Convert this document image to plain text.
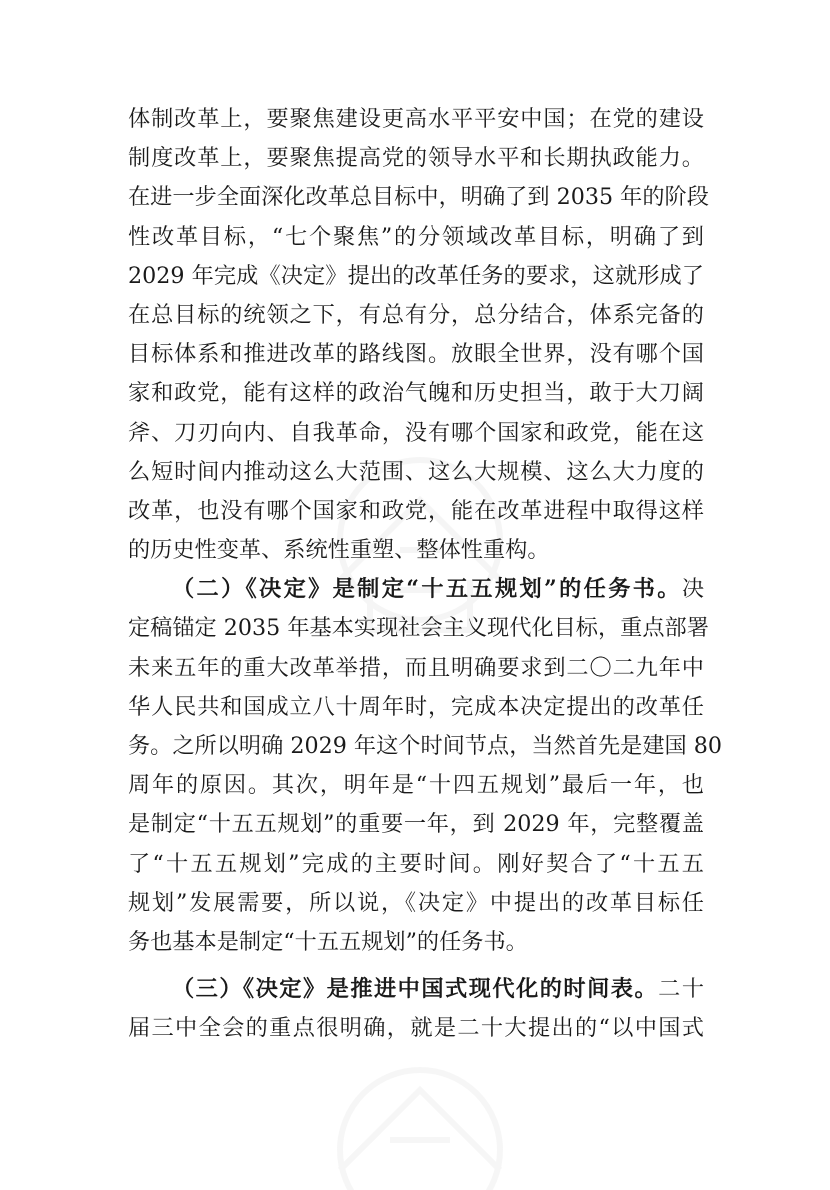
体制改革上，要聚焦建设更高水平平安中国；在党的建设
制度改革上，要聚焦提高党的领导水平和长期执政能力。
在进一步全面深化改革总目标中，明确了到 2035 年的阶段
性改革目标，“七个聚焦”的分领域改革目标，明确了到
2029 年完成《决定》提出的改革任务的要求，这就形成了
在总目标的统领之下，有总有分，总分结合，体系完备的
目标体系和推进改革的路线图。放眼全世界，没有哪个国
家和政党，能有这样的政治气魄和历史担当，敢于大刀阔
斧、刀刃向内、自我革命，没有哪个国家和政党，能在这
么短时间内推动这么大范围、这么大规模、这么大力度的
改革，也没有哪个国家和政党，能在改革进程中取得这样
的历史性变革、系统性重塑、整体性重构。
（二）《决定》是制定“十五五规划”的任务书。决
定稿锚定 2035 年基本实现社会主义现代化目标，重点部署
未来五年的重大改革举措，而且明确要求到二〇二九年中
华人民共和国成立八十周年时，完成本决定提出的改革任
务。之所以明确 2029 年这个时间节点，当然首先是建国 80
周年的原因。其次，明年是“十四五规划”最后一年，也
是制定“十五五规划”的重要一年，到 2029 年，完整覆盖
了“十五五规划”完成的主要时间。刚好契合了“十五五
规划”发展需要，所以说，《决定》中提出的改革目标任
务也基本是制定“十五五规划”的任务书。
（三）《决定》是推进中国式现代化的时间表。二十
届三中全会的重点很明确，就是二十大提出的“以中国式
